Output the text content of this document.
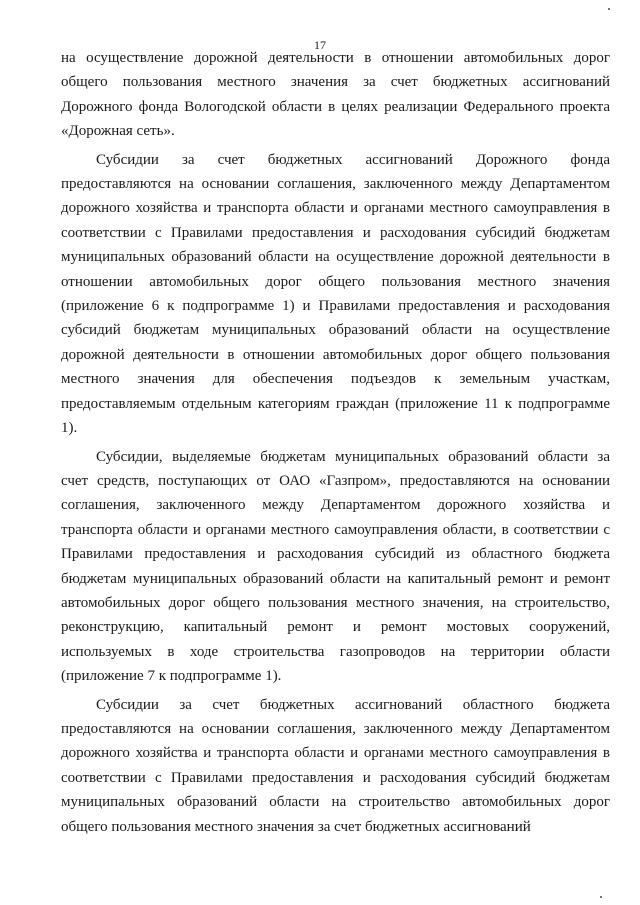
17
на осуществление дорожной деятельности в отношении автомобильных дорог
общего пользования местного значения за счет бюджетных ассигнований
Дорожного фонда Вологодской области в целях реализации Федерального проекта
«Дорожная сеть».
Субсидии за счет бюджетных ассигнований Дорожного фонда
предоставляются на основании соглашения, заключенного между Департаментом
дорожного хозяйства и транспорта области и органами местного самоуправления в
соответствии с Правилами предоставления и расходования субсидий бюджетам
муниципальных образований области на осуществление дорожной деятельности в
отношении автомобильных дорог общего пользования местного значения
(приложение 6 к подпрограмме 1) и Правилами предоставления и расходования
субсидий бюджетам муниципальных образований области на осуществление
дорожной деятельности в отношении автомобильных дорог общего пользования
местного значения для обеспечения подъездов к земельным участкам,
предоставляемым отдельным категориям граждан (приложение 11 к подпрограмме
1).
Субсидии, выделяемые бюджетам муниципальных образований области за
счет средств, поступающих от ОАО «Газпром», предоставляются на основании
соглашения, заключенного между Департаментом дорожного хозяйства и
транспорта области и органами местного самоуправления области, в соответствии с
Правилами предоставления и расходования субсидий из областного бюджета
бюджетам муниципальных образований области на капитальный ремонт и ремонт
автомобильных дорог общего пользования местного значения, на строительство,
реконструкцию, капитальный ремонт и ремонт мостовых сооружений,
используемых в ходе строительства газопроводов на территории области
(приложение 7 к подпрограмме 1).
Субсидии за счет бюджетных ассигнований областного бюджета
предоставляются на основании соглашения, заключенного между Департаментом
дорожного хозяйства и транспорта области и органами местного самоуправления в
соответствии с Правилами предоставления и расходования субсидий бюджетам
муниципальных образований области на строительство автомобильных дорог
общего пользования местного значения за счет бюджетных ассигнований
